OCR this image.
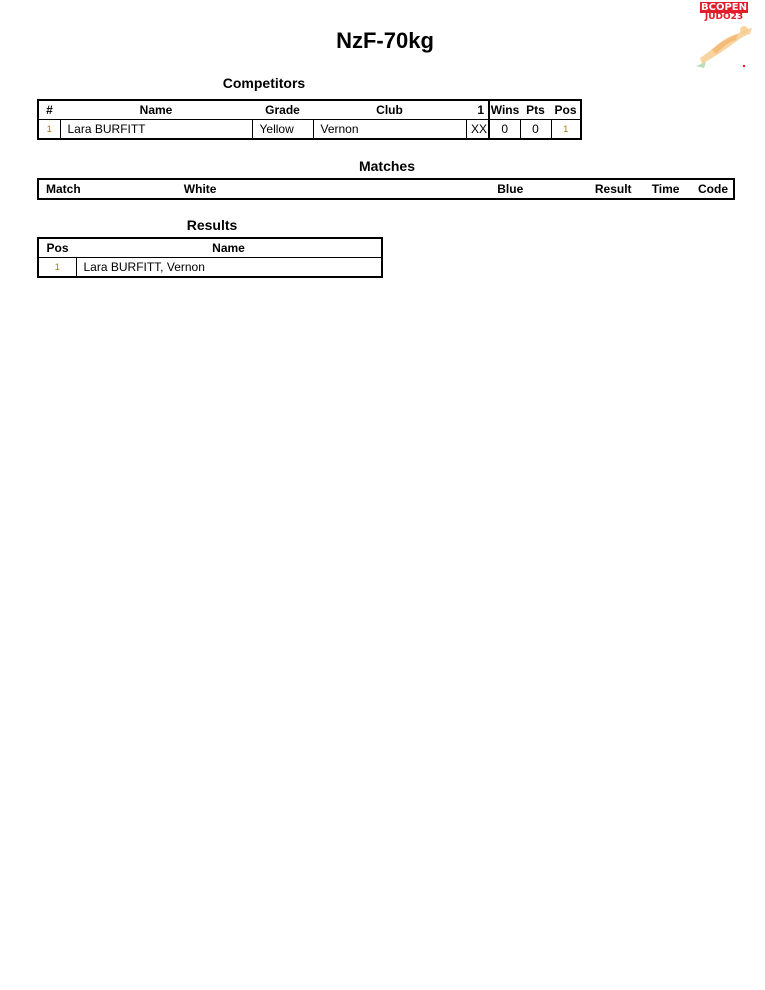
NzF-70kg
BCOPEN
JUDO23
Competitors
#	Name	Grade	Club	1	Wins	Pts	Pos
1	Lara BURFITT	Yellow	Vernon	XX	0	0	1
Matches
Match	White	Blue	Result	Time	Code
Results
Pos	Name
1	Lara BURFITT, Vernon
